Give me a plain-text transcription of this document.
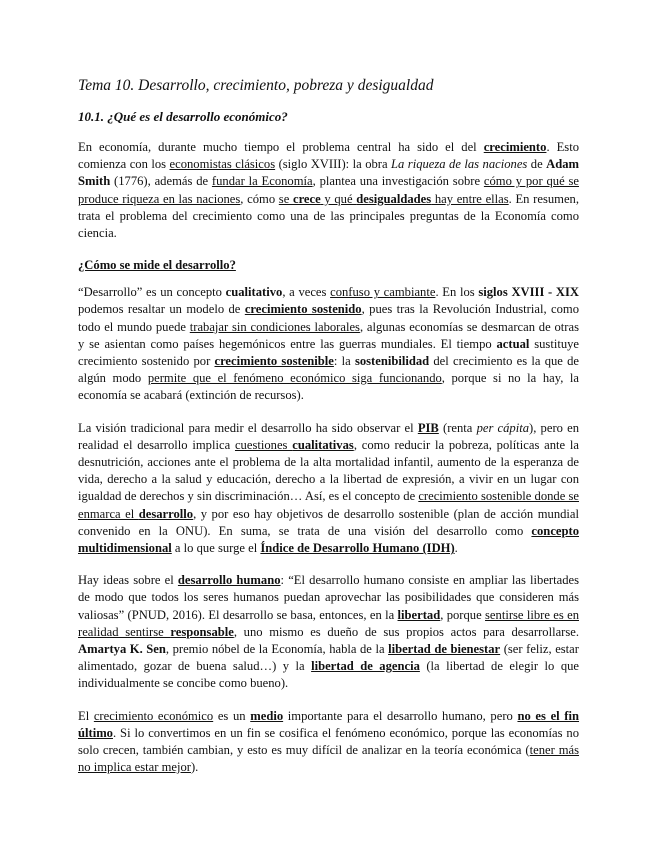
Tema 10. Desarrollo, crecimiento, pobreza y desigualdad
10.1. ¿Qué es el desarrollo económico?

En economía, durante mucho tiempo el problema central ha sido el del crecimiento. Esto comienza con los economistas clásicos (siglo XVIII): la obra La riqueza de las naciones de Adam Smith (1776), además de fundar la Economía, plantea una investigación sobre cómo y por qué se produce riqueza en las naciones, cómo se crece y qué desigualdades hay entre ellas. En resumen, trata el problema del crecimiento como una de las principales preguntas de la Economía como ciencia.

¿Cómo se mide el desarrollo?

“Desarrollo” es un concepto cualitativo, a veces confuso y cambiante. En los siglos XVIII - XIX podemos resaltar un modelo de crecimiento sostenido, pues tras la Revolución Industrial, como todo el mundo puede trabajar sin condiciones laborales, algunas economías se desmarcan de otras y se asientan como países hegemónicos entre las guerras mundiales. El tiempo actual sustituye crecimiento sostenido por crecimiento sostenible: la sostenibilidad del crecimiento es la que de algún modo permite que el fenómeno económico siga funcionando, porque si no la hay, la economía se acabará (extinción de recursos).

La visión tradicional para medir el desarrollo ha sido observar el PIB (renta per cápita), pero en realidad el desarrollo implica cuestiones cualitativas, como reducir la pobreza, políticas ante la desnutrición, acciones ante el problema de la alta mortalidad infantil, aumento de la esperanza de vida, derecho a la salud y educación, derecho a la libertad de expresión, a vivir en un lugar con igualdad de derechos y sin discriminación… Así, es el concepto de crecimiento sostenible donde se enmarca el desarrollo, y por eso hay objetivos de desarrollo sostenible (plan de acción mundial convenido en la ONU). En suma, se trata de una visión del desarrollo como concepto multidimensional a lo que surge el Índice de Desarrollo Humano (IDH).

Hay ideas sobre el desarrollo humano: “El desarrollo humano consiste en ampliar las libertades de modo que todos los seres humanos puedan aprovechar las posibilidades que consideren más valiosas” (PNUD, 2016). El desarrollo se basa, entonces, en la libertad, porque sentirse libre es en realidad sentirse responsable, uno mismo es dueño de sus propios actos para desarrollarse. Amartya K. Sen, premio nóbel de la Economía, habla de la libertad de bienestar (ser feliz, estar alimentado, gozar de buena salud…) y la libertad de agencia (la libertad de elegir lo que individualmente se concibe como bueno).

El crecimiento económico es un medio importante para el desarrollo humano, pero no es el fin último. Si lo convertimos en un fin se cosifica el fenómeno económico, porque las economías no solo crecen, también cambian, y esto es muy difícil de analizar en la teoría económica (tener más no implica estar mejor).
